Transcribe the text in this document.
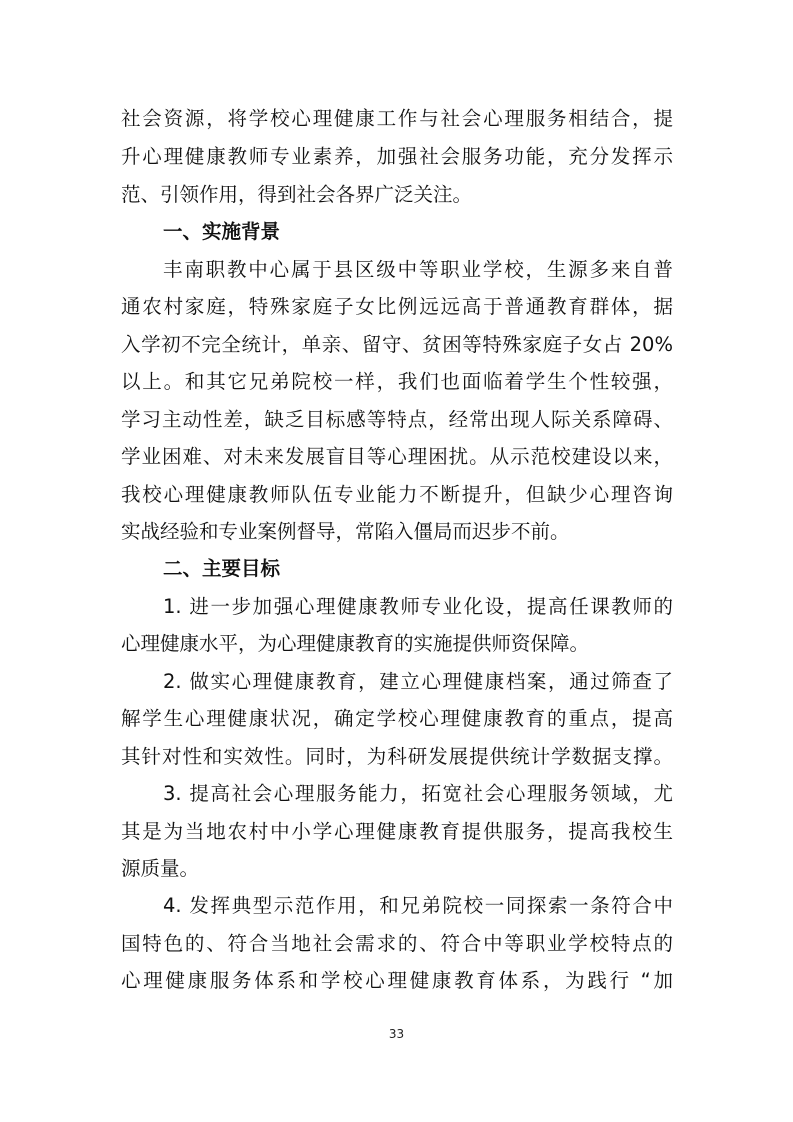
社会资源，将学校心理健康工作与社会心理服务相结合，提
升心理健康教师专业素养，加强社会服务功能，充分发挥示
范、引领作用，得到社会各界广泛关注。
一、实施背景
丰南职教中心属于县区级中等职业学校，生源多来自普
通农村家庭，特殊家庭子女比例远远高于普通教育群体，据
入学初不完全统计，单亲、留守、贫困等特殊家庭子女占 20%
以上。和其它兄弟院校一样，我们也面临着学生个性较强，
学习主动性差，缺乏目标感等特点，经常出现人际关系障碍、
学业困难、对未来发展盲目等心理困扰。从示范校建设以来，
我校心理健康教师队伍专业能力不断提升，但缺少心理咨询
实战经验和专业案例督导，常陷入僵局而迟步不前。
二、主要目标
1. 进一步加强心理健康教师专业化设，提高任课教师的
心理健康水平，为心理健康教育的实施提供师资保障。
2. 做实心理健康教育，建立心理健康档案，通过筛查了
解学生心理健康状况，确定学校心理健康教育的重点，提高
其针对性和实效性。同时，为科研发展提供统计学数据支撑。
3. 提高社会心理服务能力，拓宽社会心理服务领域，尤
其是为当地农村中小学心理健康教育提供服务，提高我校生
源质量。
4. 发挥典型示范作用，和兄弟院校一同探索一条符合中
国特色的、符合当地社会需求的、符合中等职业学校特点的
心理健康服务体系和学校心理健康教育体系，为践行 “加
33
